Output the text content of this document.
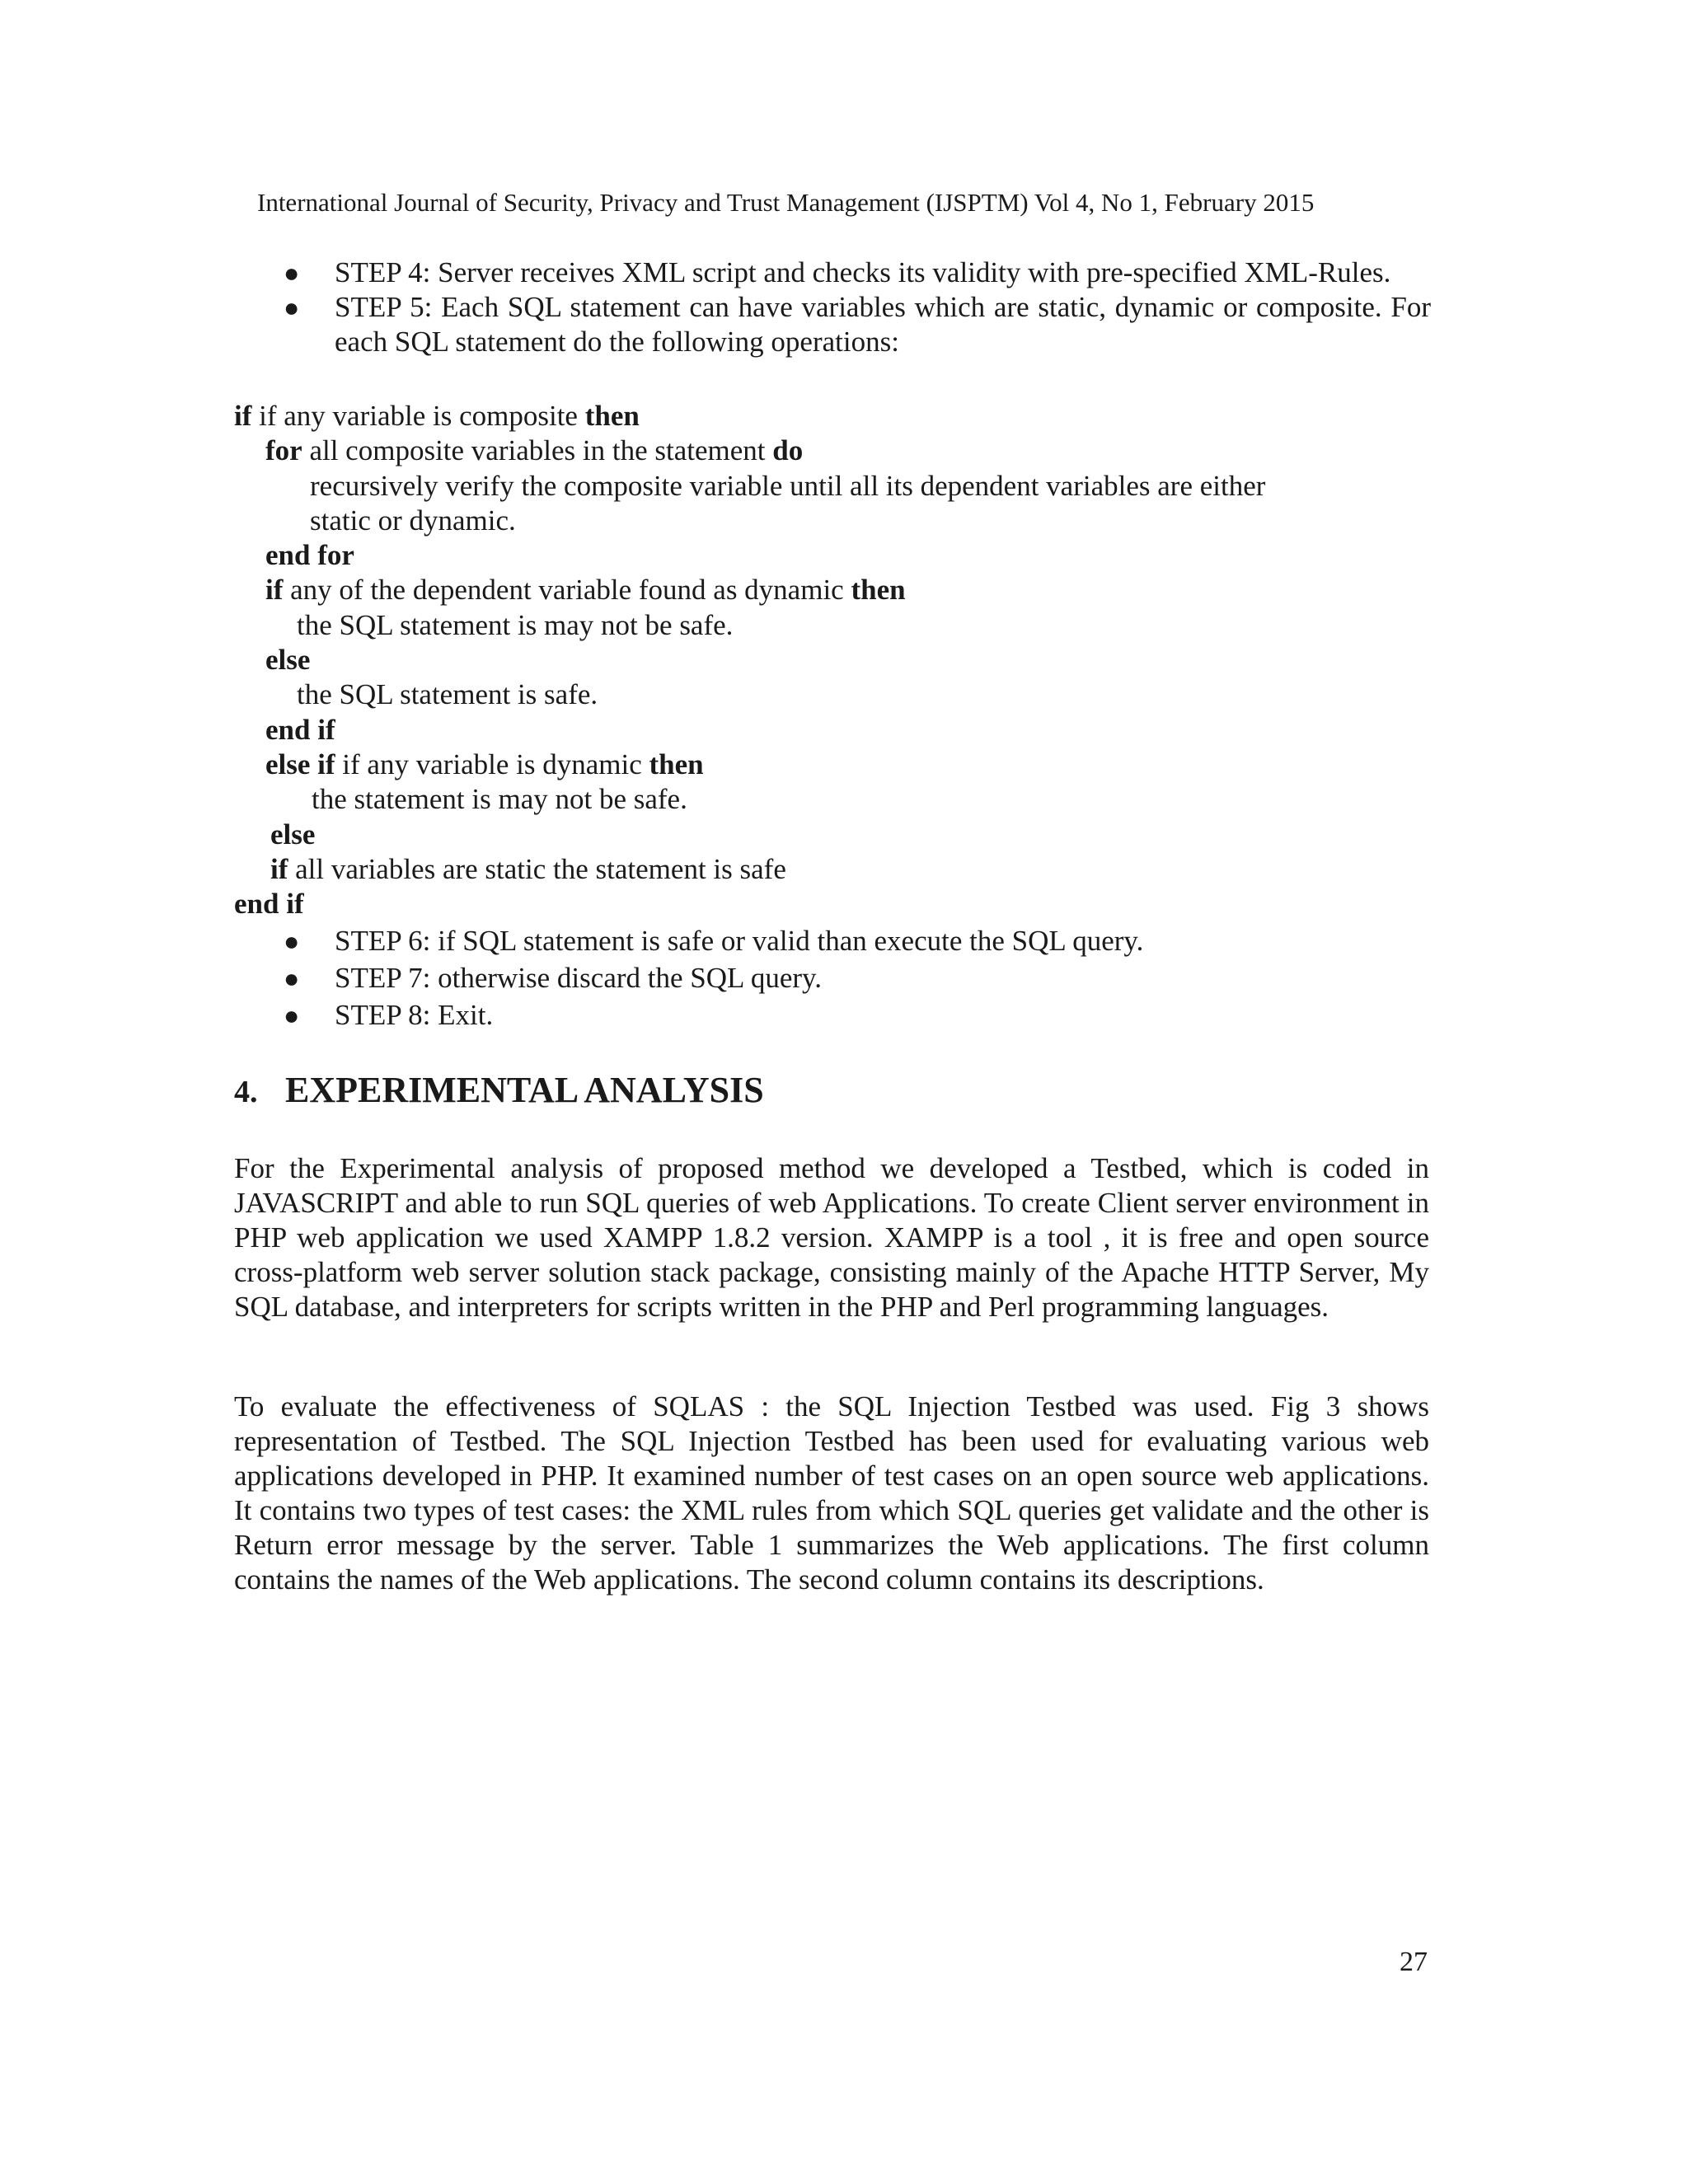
International Journal of Security, Privacy and Trust Management (IJSPTM) Vol 4, No 1, February 2015
● STEP 4: Server receives XML script and checks its validity with pre-specified XML-Rules.
● STEP 5: Each SQL statement can have variables which are static, dynamic or composite. For each SQL statement do the following operations:
if if any variable is composite then
for all composite variables in the statement do
recursively verify the composite variable until all its dependent variables are either
static or dynamic.
end for
if any of the dependent variable found as dynamic then
the SQL statement is may not be safe.
else
the SQL statement is safe.
end if
else if if any variable is dynamic then
the statement is may not be safe.
else
if all variables are static the statement is safe
end if
● STEP 6: if SQL statement is safe or valid than execute the SQL query.
● STEP 7: otherwise discard the SQL query.
● STEP 8: Exit.
4. EXPERIMENTAL ANALYSIS

For the Experimental analysis of proposed method we developed a Testbed, which is coded in JAVASCRIPT and able to run SQL queries of web Applications. To create Client server environment in PHP web application we used XAMPP 1.8.2 version. XAMPP is a tool , it is free and open source cross-platform web server solution stack package, consisting mainly of the Apache HTTP Server, My SQL database, and interpreters for scripts written in the PHP and Perl programming languages.

To evaluate the effectiveness of SQLAS : the SQL Injection Testbed was used. Fig 3 shows representation of Testbed. The SQL Injection Testbed has been used for evaluating various web applications developed in PHP. It examined number of test cases on an open source web applications. It contains two types of test cases: the XML rules from which SQL queries get validate and the other is Return error message by the server. Table 1 summarizes the Web applications. The first column contains the names of the Web applications. The second column contains its descriptions.

27
